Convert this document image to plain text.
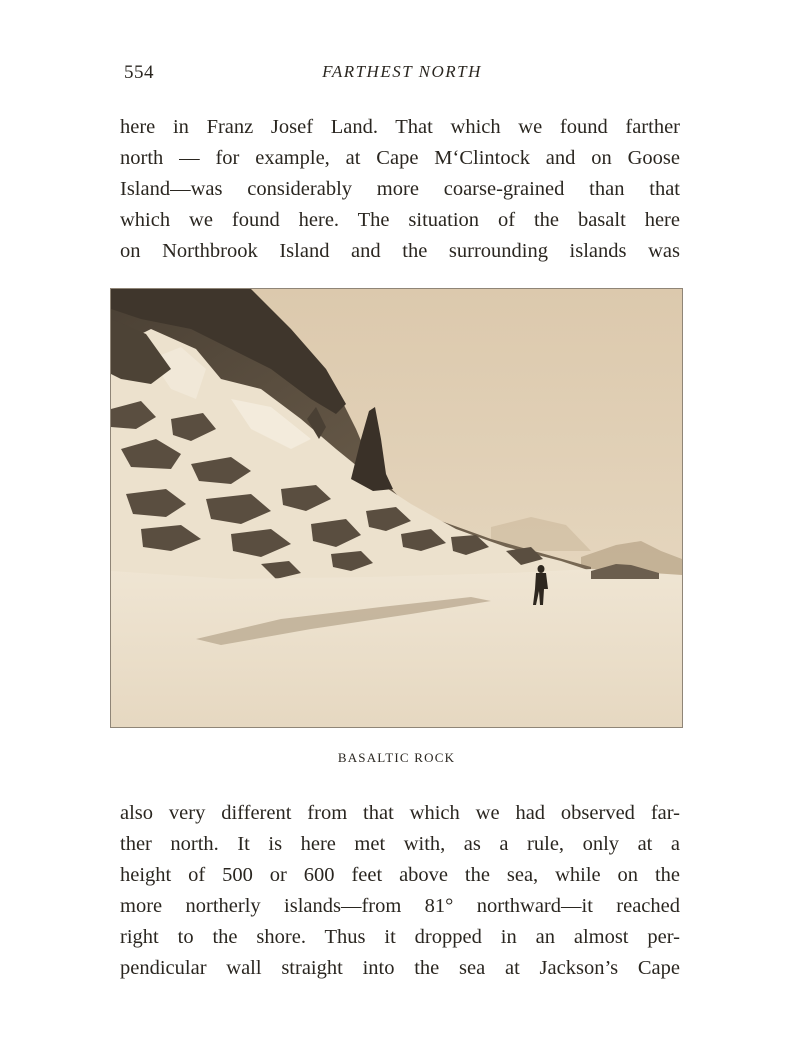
554	FARTHEST NORTH
here in Franz Josef Land. That which we found farther
north — for example, at Cape M‘Clintock and on Goose
Island—was considerably more coarse-grained than that
which we found here. The situation of the basalt here
on Northbrook Island and the surrounding islands was
BASALTIC ROCK
also very different from that which we had observed far-
ther north. It is here met with, as a rule, only at a
height of 500 or 600 feet above the sea, while on the
more northerly islands—from 81° northward—it reached
right to the shore. Thus it dropped in an almost per-
pendicular wall straight into the sea at Jackson’s Cape
